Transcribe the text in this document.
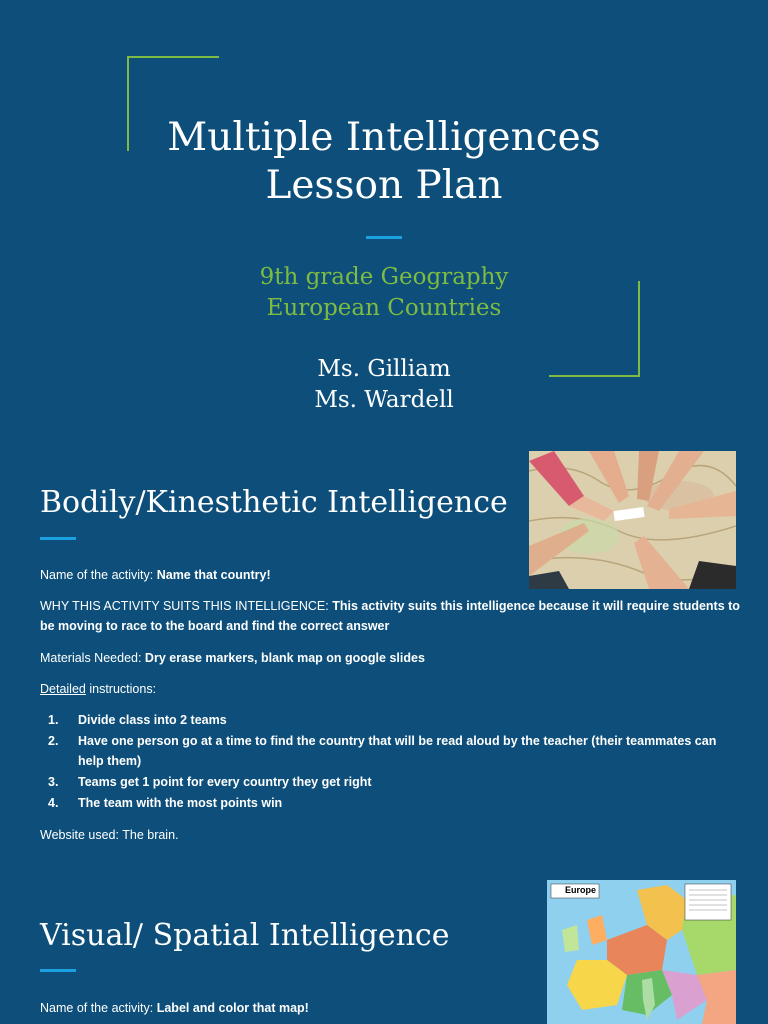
Multiple Intelligences
Lesson Plan
9th grade Geography
European Countries
Ms. Gilliam
Ms. Wardell
Bodily/Kinesthetic Intelligence
Name of the activity: Name that country!
WHY THIS ACTIVITY SUITS THIS INTELLIGENCE: This activity suits this intelligence because it will require students to be moving to race to the board and find the correct answer
Materials Needed: Dry erase markers, blank map on google slides
Detailed instructions:
1. Divide class into 2 teams
2. Have one person go at a time to find the country that will be read aloud by the teacher (their teammates can help them)
3. Teams get 1 point for every country they get right
4. The team with the most points win
Website used: The brain.
Europe
Visual/ Spatial Intelligence
Name of the activity: Label and color that map!
